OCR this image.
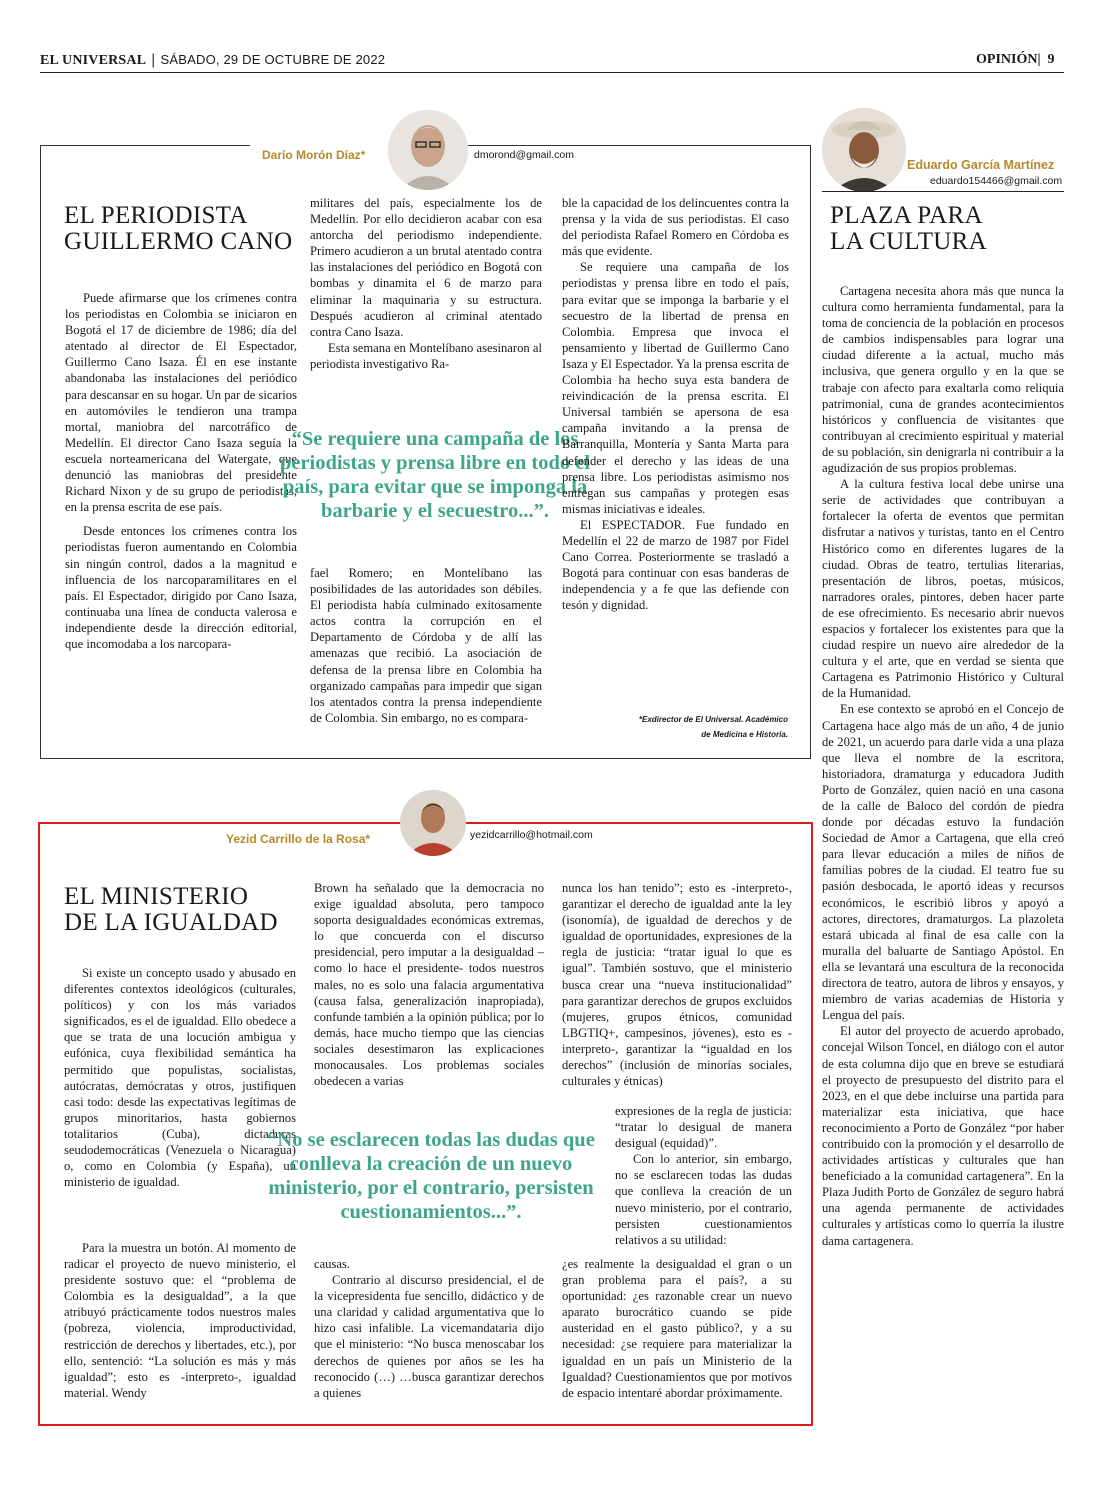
EL UNIVERSAL | SÁBADO, 29 DE OCTUBRE DE 2022	OPINIÓN| 9
Darío Morón Díaz*	dmorond@gmail.com
EL PERIODISTA
GUILLERMO CANO

Puede afirmarse que los crímenes contra los periodistas en Colombia se iniciaron en Bogotá el 17 de diciembre de 1986; día del atentado al director de El Espectador, Guillermo Cano Isaza. Él en ese instante abandonaba las instalaciones del periódico para descansar en su hogar. Un par de sicarios en automóviles le tendieron una trampa mortal, maniobra del narcotráfico de Medellín. El director Cano Isaza seguía la escuela norteamericana del Watergate, que denunció las maniobras del presidente Richard Nixon y de su grupo de periodistas, en la prensa escrita de ese país.

Desde entonces los crímenes contra los periodistas fueron aumentando en Colombia sin ningún control, dados a la magnitud e influencia de los narcoparamilitares en el país. El Espectador, dirigido por Cano Isaza, continuaba una línea de conducta valerosa e independiente desde la dirección editorial, que incomodaba a los narcopara-

militares del país, especialmente los de Medellín. Por ello decidieron acabar con esa antorcha del periodismo independiente. Primero acudieron a un brutal atentado contra las instalaciones del periódico en Bogotá con bombas y dinamita el 6 de marzo para eliminar la maquinaria y su estructura. Después acudieron al criminal atentado contra Cano Isaza.

Esta semana en Montelíbano asesinaron al periodista investigativo Ra-

“Se requiere una campaña de los periodistas y prensa libre en todo el país, para evitar que se imponga la barbarie y el secuestro...”.

fael Romero; en Montelíbano las posibilidades de las autoridades son débiles. El periodista había culminado exitosamente actos contra la corrupción en el Departamento de Córdoba y de allí las amenazas que recibió. La asociación de defensa de la prensa libre en Colombia ha organizado campañas para impedir que sigan los atentados contra la prensa independiente de Colombia. Sin embargo, no es compara-

ble la capacidad de los delincuentes contra la prensa y la vida de sus periodistas. El caso del periodista Rafael Romero en Córdoba es más que evidente.

Se requiere una campaña de los periodistas y prensa libre en todo el país, para evitar que se imponga la barbarie y el secuestro de la libertad de prensa en Colombia. Empresa que invoca el pensamiento y libertad de Guillermo Cano Isaza y El Espectador. Ya la prensa escrita de Colombia ha hecho suya esta bandera de reivindicación de la prensa escrita. El Universal también se apersona de esa campaña invitando a la prensa de Barranquilla, Montería y Santa Marta para defender el derecho y las ideas de una prensa libre. Los periodistas asimismo nos entregan sus campañas y protegen esas mismas iniciativas e ideales.

El ESPECTADOR. Fue fundado en Medellín el 22 de marzo de 1987 por Fidel Cano Correa. Posteriormente se trasladó a Bogotá para continuar con esas banderas de independencia y a fe que las defiende con tesón y dignidad.

*Exdirector de El Universal. Académico
de Medicina e Historia.
Eduardo García Martínez
eduardo154466@gmail.com
PLAZA PARA
LA CULTURA

Cartagena necesita ahora más que nunca la cultura como herramienta fundamental, para la toma de conciencia de la población en procesos de cambios indispensables para lograr una ciudad diferente a la actual, mucho más inclusiva, que genera orgullo y en la que se trabaje con afecto para exaltarla como reliquia patrimonial, cuna de grandes acontecimientos históricos y confluencia de visitantes que contribuyan al crecimiento espiritual y material de su población, sin denigrarla ni contribuir a la agudización de sus propios problemas.

A la cultura festiva local debe unirse una serie de actividades que contribuyan a fortalecer la oferta de eventos que permitan disfrutar a nativos y turistas, tanto en el Centro Histórico como en diferentes lugares de la ciudad. Obras de teatro, tertulias literarias, presentación de libros, poetas, músicos, narradores orales, pintores, deben hacer parte de ese ofrecimiento. Es necesario abrir nuevos espacios y fortalecer los existentes para que la ciudad respire un nuevo aire alrededor de la cultura y el arte, que en verdad se sienta que Cartagena es Patrimonio Histórico y Cultural de la Humanidad.

En ese contexto se aprobó en el Concejo de Cartagena hace algo más de un año, 4 de junio de 2021, un acuerdo para darle vida a una plaza que lleva el nombre de la escritora, historiadora, dramaturga y educadora Judith Porto de González, quien nació en una casona de la calle de Baloco del cordón de piedra donde por décadas estuvo la fundación Sociedad de Amor a Cartagena, que ella creó para llevar educación a miles de niños de familias pobres de la ciudad. El teatro fue su pasión desbocada, le aportó ideas y recursos económicos, le escribió libros y apoyó a actores, directores, dramaturgos. La plazoleta estará ubicada al final de esa calle con la muralla del baluarte de Santiago Apóstol. En ella se levantará una escultura de la reconocida directora de teatro, autora de libros y ensayos, y miembro de varias academias de Historia y Lengua del país.

El autor del proyecto de acuerdo aprobado, concejal Wilson Toncel, en diálogo con el autor de esta columna dijo que en breve se estudiará el proyecto de presupuesto del distrito para el 2023, en el que debe incluirse una partida para materializar esta iniciativa, que hace reconocimiento a Porto de González “por haber contribuido con la promoción y el desarrollo de actividades artísticas y culturales que han beneficiado a la comunidad cartagenera”. En la Plaza Judith Porto de González de seguro habrá una agenda permanente de actividades culturales y artísticas como lo querría la ilustre dama cartagenera.

Yezid Carrillo de la Rosa*	yezidcarrillo@hotmail.com
EL MINISTERIO
DE LA IGUALDAD

Si existe un concepto usado y abusado en diferentes contextos ideológicos (culturales, políticos) y con los más variados significados, es el de igualdad. Ello obedece a que se trata de una locución ambigua y eufónica, cuya flexibilidad semántica ha permitido que populistas, socialistas, autócratas, demócratas y otros, justifiquen casi todo: desde las expectativas legítimas de grupos minoritarios, hasta gobiernos totalitarios (Cuba), dictaduras seudodemocráticas (Venezuela o Nicaragua) o, como en Colombia (y España), un ministerio de igualdad.

Brown ha señalado que la democracia no exige igualdad absoluta, pero tampoco soporta desigualdades económicas extremas, lo que concuerda con el discurso presidencial, pero imputar a la desigualdad – como lo hace el presidente- todos nuestros males, no es solo una falacia argumentativa (causa falsa, generalización inapropiada), confunde también a la opinión pública; por lo demás, hace mucho tiempo que las ciencias sociales desestimaron las explicaciones monocausales. Los problemas sociales obedecen a varias

nunca los han tenido”; esto es -interpreto-, garantizar el derecho de igualdad ante la ley (isonomía), de igualdad de derechos y de igualdad de oportunidades, expresiones de la regla de justicia: “tratar igual lo que es igual”. También sostuvo, que el ministerio busca crear una “nueva institucionalidad” para garantizar derechos de grupos excluidos (mujeres, grupos étnicos, comunidad LBGTIQ+, campesinos, jóvenes), esto es -interpreto-, garantizar la “igualdad en los derechos” (inclusión de minorías sociales, culturales y étnicas)

“No se esclarecen todas las dudas que conlleva la creación de un nuevo ministerio, por el contrario, persisten cuestionamientos...”.

expresiones de la regla de justicia: “tratar lo desigual de manera desigual (equidad)”.

Con lo anterior, sin embargo, no se esclarecen todas las dudas que conlleva la creación de un nuevo ministerio, por el contrario, persisten cuestionamientos relativos a su utilidad:

Para la muestra un botón. Al momento de radicar el proyecto de nuevo ministerio, el presidente sostuvo que: el “problema de Colombia es la desigualdad”, a la que atribuyó prácticamente todos nuestros males (pobreza, violencia, improductividad, restricción de derechos y libertades, etc.), por ello, sentenció: “La solución es más y más igualdad”; esto es -interpreto-, igualdad material. Wendy

causas.

Contrario al discurso presidencial, el de la vicepresidenta fue sencillo, didáctico y de una claridad y calidad argumentativa que lo hizo casi infalible. La vicemandataria dijo que el ministerio: “No busca menoscabar los derechos de quienes por años se les ha reconocido (…) …busca garantizar derechos a quienes

¿es realmente la desigualdad el gran o un gran problema para el país?, a su oportunidad: ¿es razonable crear un nuevo aparato burocrático cuando se pide austeridad en el gasto público?, y a su necesidad: ¿se requiere para materializar la igualdad en un país un Ministerio de la Igualdad? Cuestionamientos que por motivos de espacio intentaré abordar próximamente.
